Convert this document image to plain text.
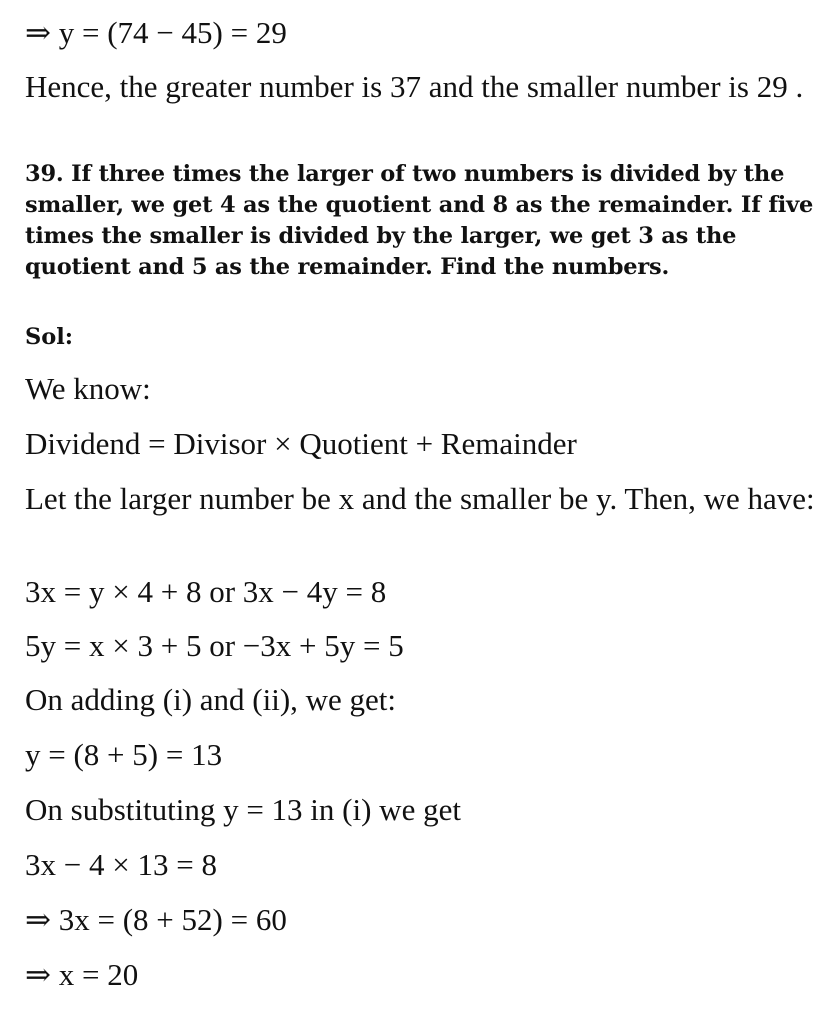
⇒ y = (74 − 45) = 29
Hence, the greater number is 37 and the smaller number is 29 .
39. If three times the larger of two numbers is divided by the smaller, we get 4 as the quotient and 8 as the remainder. If five times the smaller is divided by the larger, we get 3 as the quotient and 5 as the remainder. Find the numbers.
Sol:
We know:
Dividend = Divisor × Quotient + Remainder
Let the larger number be x and the smaller be y. Then, we have:
3x = y × 4 + 8 or 3x − 4y = 8
5y = x × 3 + 5 or −3x + 5y = 5
On adding (i) and (ii), we get:
y = (8 + 5) = 13
On substituting y = 13 in (i) we get
3x − 4 × 13 = 8
⇒ 3x = (8 + 52) = 60
⇒ x = 20
